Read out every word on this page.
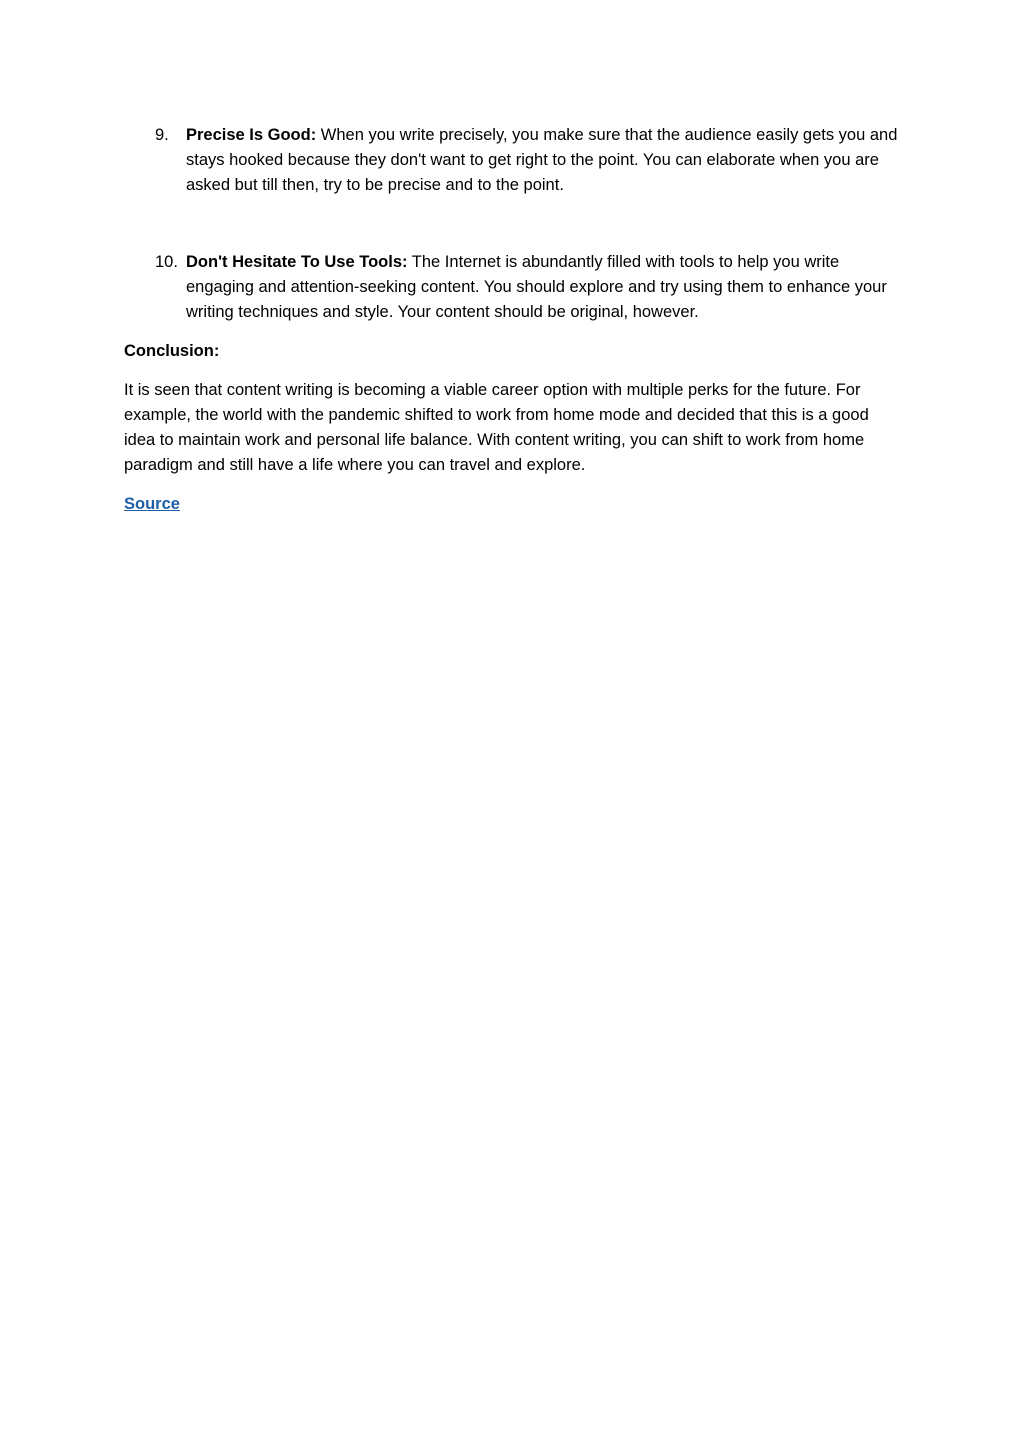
9. Precise Is Good: When you write precisely, you make sure that the audience easily gets you and stays hooked because they don't want to get right to the point. You can elaborate when you are asked but till then, try to be precise and to the point.
10. Don't Hesitate To Use Tools: The Internet is abundantly filled with tools to help you write engaging and attention-seeking content. You should explore and try using them to enhance your writing techniques and style. Your content should be original, however.
Conclusion:
It is seen that content writing is becoming a viable career option with multiple perks for the future. For example, the world with the pandemic shifted to work from home mode and decided that this is a good idea to maintain work and personal life balance. With content writing, you can shift to work from home paradigm and still have a life where you can travel and explore.
Source
